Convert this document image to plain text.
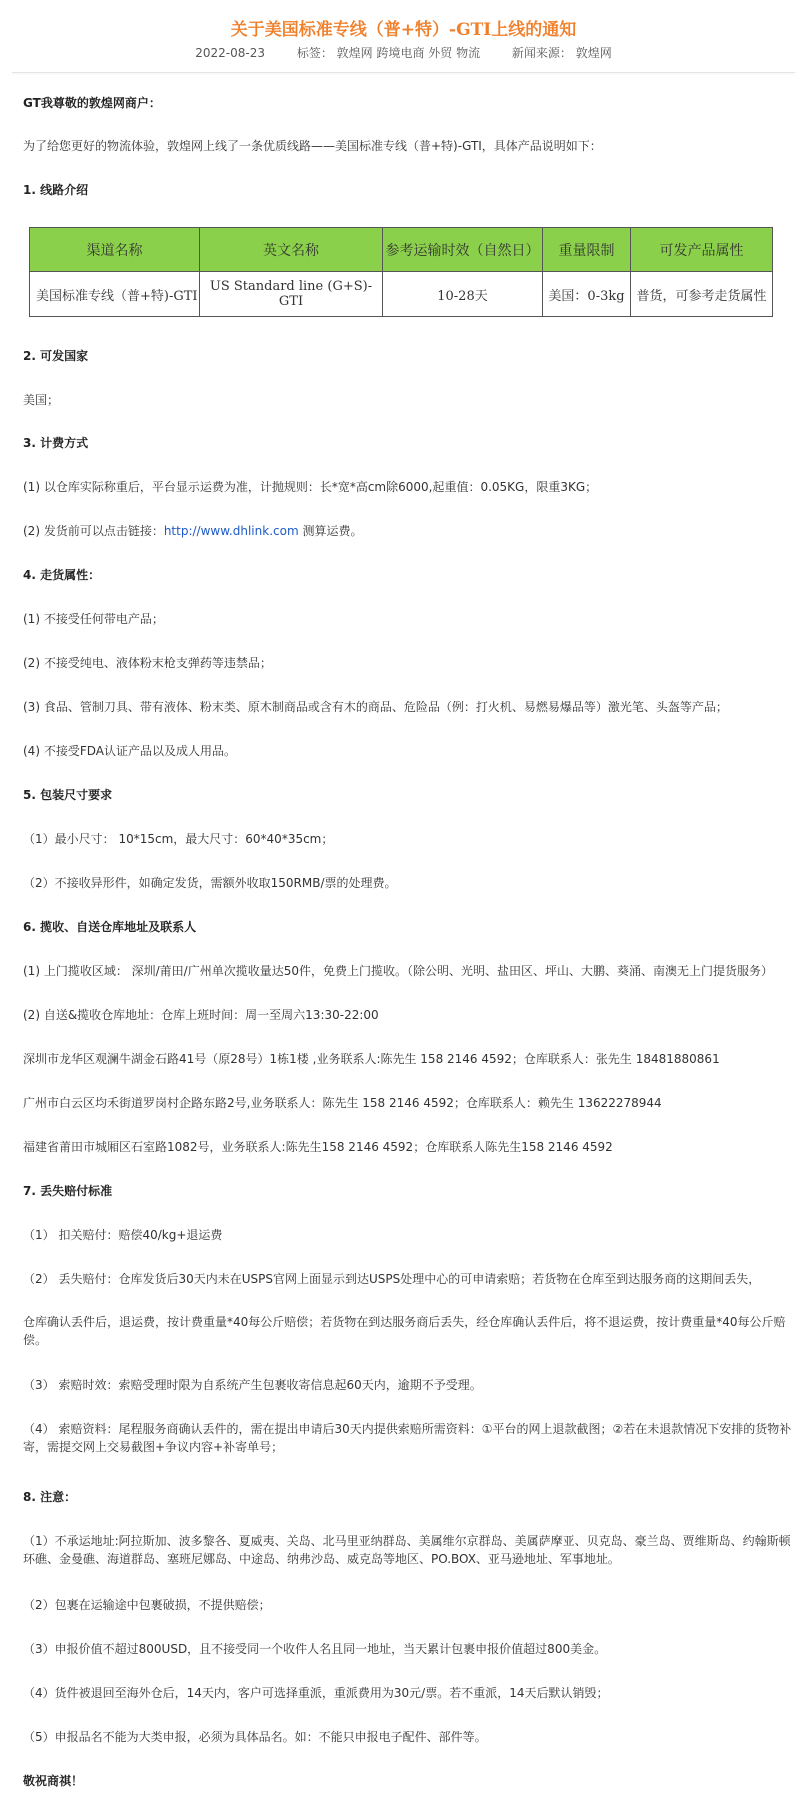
关于美国标准专线（普+特）-GTI上线的通知
2022-08-23	标签： 敦煌网 跨境电商 外贸 物流	新闻来源： 敦煌网
GT我尊敬的敦煌网商户：

为了给您更好的物流体验，敦煌网上线了一条优质线路——美国标准专线（普+特)-GTI，具体产品说明如下：

1. 线路介绍
渠道名称	英文名称	参考运输时效（自然日）	重量限制	可发产品属性
美国标准专线（普+特)-GTI	US Standard line (G+S)-GTI	10-28天	美国：0-3kg	普货，可参考走货属性
2. 可发国家

美国；

3. 计费方式

(1) 以仓库实际称重后，平台显示运费为准，计抛规则：长*宽*高cm除6000,起重值：0.05KG，限重3KG；

(2) 发货前可以点击链接：http://www.dhlink.com 测算运费。

4. 走货属性：

(1) 不接受任何带电产品；

(2) 不接受纯电、液体粉末枪支弹药等违禁品；

(3) 食品、管制刀具、带有液体、粉末类、原木制商品或含有木的商品、危险品（例：打火机、易燃易爆品等）激光笔、头盔等产品；

(4) 不接受FDA认证产品以及成人用品。

5. 包装尺寸要求

（1）最小尺寸： 10*15cm，最大尺寸：60*40*35cm；

（2）不接收异形件，如确定发货，需额外收取150RMB/票的处理费。

6. 揽收、自送仓库地址及联系人

(1) 上门揽收区域： 深圳/莆田/广州单次揽收量达50件，免费上门揽收。（除公明、光明、盐田区、坪山、大鹏、葵涌、南澳无上门提货服务）

(2) 自送&揽收仓库地址：仓库上班时间：周一至周六13:30-22:00

深圳市龙华区观澜牛湖金石路41号（原28号）1栋1楼 ,业务联系人:陈先生 158 2146 4592；仓库联系人：张先生 18481880861

广州市白云区均禾街道罗岗村企路东路2号,业务联系人：陈先生 158 2146 4592；仓库联系人：赖先生 13622278944

福建省莆田市城厢区石室路1082号，业务联系人:陈先生158 2146 4592；仓库联系人陈先生158 2146 4592

7. 丢失赔付标准

（1） 扣关赔付：赔偿40/kg+退运费

（2） 丢失赔付：仓库发货后30天内未在USPS官网上面显示到达USPS处理中心的可申请索赔；若货物在仓库至到达服务商的这期间丢失，

仓库确认丢件后，退运费，按计费重量*40每公斤赔偿；若货物在到达服务商后丢失，经仓库确认丢件后，将不退运费，按计费重量*40每公斤赔偿。

（3） 索赔时效：索赔受理时限为自系统产生包裹收寄信息起60天内，逾期不予受理。

（4） 索赔资料：尾程服务商确认丢件的，需在提出申请后30天内提供索赔所需资料：①平台的网上退款截图；②若在未退款情况下安排的货物补寄，需提交网上交易截图+争议内容+补寄单号；

8. 注意：

（1）不承运地址:阿拉斯加、波多黎各、夏威夷、关岛、北马里亚纳群岛、美属维尔京群岛、美属萨摩亚、贝克岛、豪兰岛、贾维斯岛、约翰斯顿环礁、金曼礁、海道群岛、塞班尼娜岛、中途岛、纳弗沙岛、威克岛等地区、PO.BOX、亚马逊地址、军事地址。

（2）包裹在运输途中包裹破损，不提供赔偿；

（3）申报价值不超过800USD，且不接受同一个收件人名且同一地址，当天累计包裹申报价值超过800美金。

（4）货件被退回至海外仓后，14天内，客户可选择重派，重派费用为30元/票。若不重派，14天后默认销毁；

（5）申报品名不能为大类申报，必须为具体品名。如：不能只申报电子配件、部件等。

敬祝商祺！
